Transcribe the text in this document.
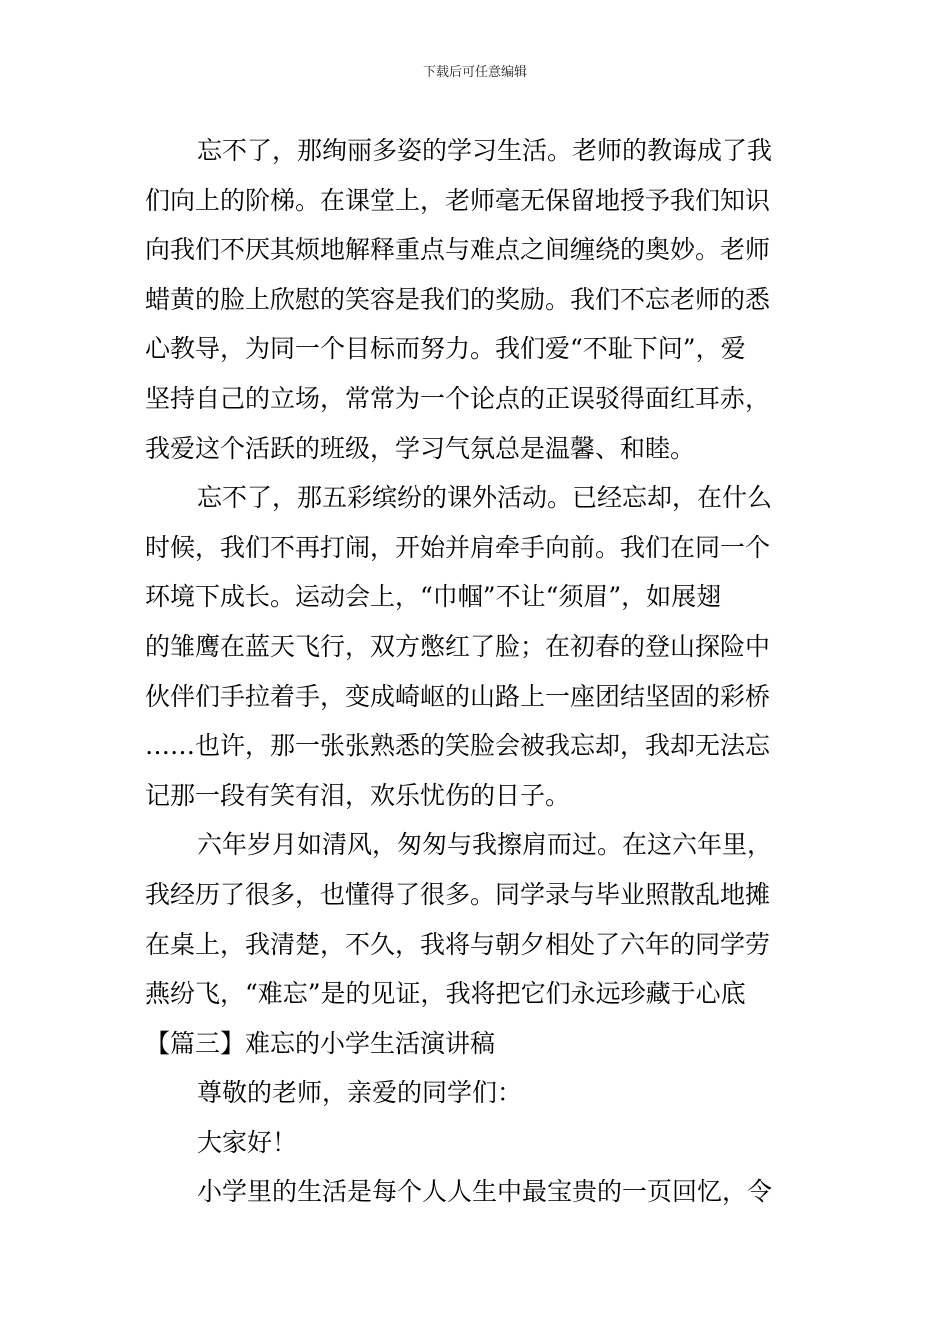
下载后可任意编辑
忘不了，那绚丽多姿的学习生活。老师的教诲成了我
们向上的阶梯。在课堂上，老师毫无保留地授予我们知识
向我们不厌其烦地解释重点与难点之间缠绕的奥妙。老师
蜡黄的脸上欣慰的笑容是我们的奖励。我们不忘老师的悉
心教导，为同一个目标而努力。我们爱“不耻下问”，爱
坚持自己的立场，常常为一个论点的正误驳得面红耳赤，
我爱这个活跃的班级，学习气氛总是温馨、和睦。
忘不了，那五彩缤纷的课外活动。已经忘却，在什么
时候，我们不再打闹，开始并肩牵手向前。我们在同一个
环境下成长。运动会上，“巾帼”不让“须眉”，如展翅
的雏鹰在蓝天飞行，双方憋红了脸；在初春的登山探险中
伙伴们手拉着手，变成崎岖的山路上一座团结坚固的彩桥
……也许，那一张张熟悉的笑脸会被我忘却，我却无法忘
记那一段有笑有泪，欢乐忧伤的日子。
六年岁月如清风，匆匆与我擦肩而过。在这六年里，
我经历了很多，也懂得了很多。同学录与毕业照散乱地摊
在桌上，我清楚，不久，我将与朝夕相处了六年的同学劳
燕纷飞，“难忘”是的见证，我将把它们永远珍藏于心底
【篇三】难忘的小学生活演讲稿
尊敬的老师，亲爱的同学们：
大家好！
小学里的生活是每个人人生中最宝贵的一页回忆，令
